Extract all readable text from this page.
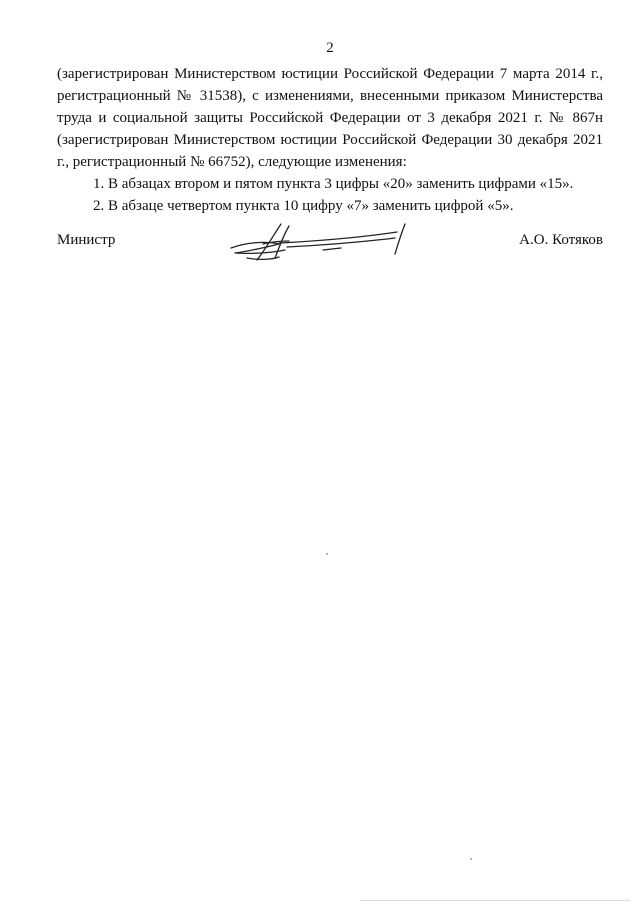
2

(зарегистрирован Министерством юстиции Российской Федерации 7 марта 2014 г., регистрационный № 31538), с изменениями, внесенными приказом Министерства труда и социальной защиты Российской Федерации от 3 декабря 2021 г. № 867н (зарегистрирован Министерством юстиции Российской Федерации 30 декабря 2021 г., регистрационный № 66752), следующие изменения:

1. В абзацах втором и пятом пункта 3 цифры «20» заменить цифрами «15».

2. В абзаце четвертом пункта 10 цифру «7» заменить цифрой «5».

Министр	А.О. Котяков
